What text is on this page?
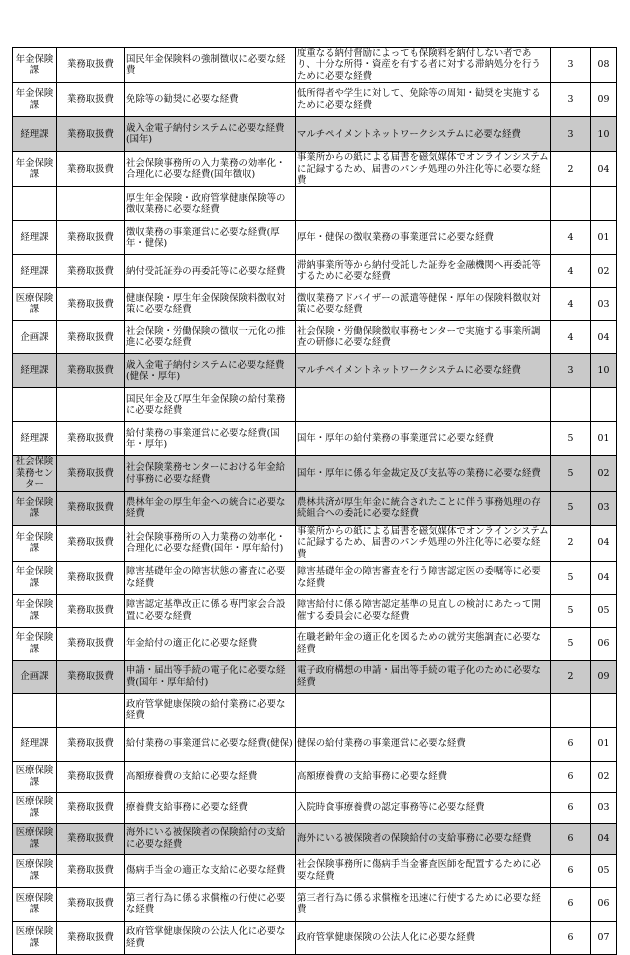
年金保険課	業務取扱費	国民年金保険料の強制徴収に必要な経費	度重なる納付督励によっても保険料を納付しない者であり、十分な所得・資産を有する者に対する滞納処分を行うために必要な経費	3	08
年金保険課	業務取扱費	免除等の勧奨に必要な経費	低所得者や学生に対して、免除等の周知・勧奨を実施するために必要な経費	3	09
経理課	業務取扱費	歳入金電子納付システムに必要な経費(国年)	マルチペイメントネットワークシステムに必要な経費	3	10
年金保険課	業務取扱費	社会保険事務所の入力業務の効率化・合理化に必要な経費(国年徴収)	事業所からの紙による届書を磁気媒体でオンラインシステムに記録するため、届書のパンチ処理の外注化等に必要な経費	2	04
		厚生年金保険・政府管掌健康保険等の徴収業務に必要な経費			
経理課	業務取扱費	徴収業務の事業運営に必要な経費(厚年・健保)	厚年・健保の徴収業務の事業運営に必要な経費	4	01
経理課	業務取扱費	納付受託証券の再委託等に必要な経費	滞納事業所等から納付受託した証券を金融機関へ再委託等するために必要な経費	4	02
医療保険課	業務取扱費	健康保険・厚生年金保険保険料徴収対策に必要な経費	徴収業務アドバイザーの派遣等健保・厚年の保険料徴収対策に必要な経費	4	03
企画課	業務取扱費	社会保険・労働保険の徴収一元化の推進に必要な経費	社会保険・労働保険徴収事務センターで実施する事業所調査の研修に必要な経費	4	04
経理課	業務取扱費	歳入金電子納付システムに必要な経費(健保・厚年)	マルチペイメントネットワークシステムに必要な経費	3	10
		国民年金及び厚生年金保険の給付業務に必要な経費			
経理課	業務取扱費	給付業務の事業運営に必要な経費(国年・厚年)	国年・厚年の給付業務の事業運営に必要な経費	5	01
社会保険業務センター	業務取扱費	社会保険業務センターにおける年金給付事務に必要な経費	国年・厚年に係る年金裁定及び支払等の業務に必要な経費	5	02
年金保険課	業務取扱費	農林年金の厚生年金への統合に必要な経費	農林共済が厚生年金に統合されたことに伴う事務処理の存続組合への委託に必要な経費	5	03
年金保険課	業務取扱費	社会保険事務所の入力業務の効率化・合理化に必要な経費(国年・厚年給付)	事業所からの紙による届書を磁気媒体でオンラインシステムに記録するため、届書のパンチ処理の外注化等に必要な経費	2	04
年金保険課	業務取扱費	障害基礎年金の障害状態の審査に必要な経費	障害基礎年金の障害審査を行う障害認定医の委嘱等に必要な経費	5	04
年金保険課	業務取扱費	障害認定基準改正に係る専門家会合設置に必要な経費	障害給付に係る障害認定基準の見直しの検討にあたって開催する委員会に必要な経費	5	05
年金保険課	業務取扱費	年金給付の適正化に必要な経費	在職老齢年金の適正化を図るための就労実態調査に必要な経費	5	06
企画課	業務取扱費	申請・届出等手続の電子化に必要な経費(国年・厚年給付)	電子政府構想の申請・届出等手続の電子化のために必要な経費	2	09
		政府管掌健康保険の給付業務に必要な経費			
経理課	業務取扱費	給付業務の事業運営に必要な経費(健保)	健保の給付業務の事業運営に必要な経費	6	01
医療保険課	業務取扱費	高額療養費の支給に必要な経費	高額療養費の支給事務に必要な経費	6	02
医療保険課	業務取扱費	療養費支給事務に必要な経費	入院時食事療養費の認定事務等に必要な経費	6	03
医療保険課	業務取扱費	海外にいる被保険者の保険給付の支給に必要な経費	海外にいる被保険者の保険給付の支給事務に必要な経費	6	04
医療保険課	業務取扱費	傷病手当金の適正な支給に必要な経費	社会保険事務所に傷病手当金審査医師を配置するために必要な経費	6	05
医療保険課	業務取扱費	第三者行為に係る求償権の行使に必要な経費	第三者行為に係る求償権を迅速に行使するために必要な経費	6	06
医療保険課	業務取扱費	政府管掌健康保険の公法人化に必要な経費	政府管掌健康保険の公法人化に必要な経費	6	07
